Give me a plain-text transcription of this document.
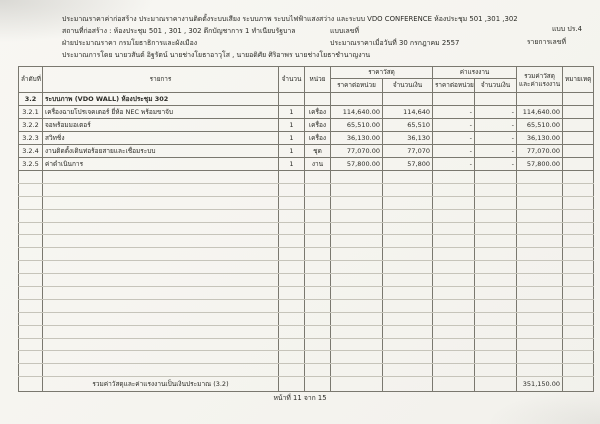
ประมาณราคาค่าก่อสร้าง ประมาณราคางานติดตั้งระบบเสียง ระบบภาพ ระบบไฟฟ้าแสงสว่าง และระบบ VDO CONFERENCE ห้องประชุม 501 ,301 ,302
แบบ ปร.4
สถานที่ก่อสร้าง : ห้องประชุม 501 , 301 , 302 ตึกบัญชาการ 1 ทำเนียบรัฐบาล	แบบเลขที่
รายการเลขที่
ฝ่ายประมาณราคา กรมโยธาธิการและผังเมือง	ประมาณราคาเมื่อวันที่ 30 กรกฎาคม 2557
ประมาณการโดย นายวสันต์ อิฐรัตน์ นายช่างโยธาอาวุโส , นายอดิศัย ศิริอาพร นายช่างโยธาชำนาญงาน
ลำดับที่	รายการ	จำนวน	หน่วย	ราคาวัสดุ		ค่าแรงงาน		รวมค่าวัสดุ
และค่าแรงงาน	หมายเหตุ
				ราคาต่อหน่วย	จำนวนเงิน	ราคาต่อหน่วย	จำนวนเงิน		
3.2	ระบบภาพ (VDO WALL) ห้องประชุม 302								
3.2.1	เครื่องฉายโปรเจคเตอร์ ยี่ห้อ NEC พร้อมขาจับ	1	เครื่อง	114,640.00	114,640	-	-	114,640.00	
3.2.2	จอพร้อมมอเตอร์	1	เครื่อง	65,510.00	65,510	-	-	65,510.00	
3.2.3	สวิทชิ่ง	1	เครื่อง	36,130.00	36,130	-	-	36,130.00	
3.2.4	งานติดตั้งเดินท่อร้อยสายและเชื่อมระบบ	1	ชุด	77,070.00	77,070	-	-	77,070.00	
3.2.5	ค่าดำเนินการ	1	งาน	57,800.00	57,800	-	-	57,800.00	

	รวมค่าวัสดุและค่าแรงงานเป็นเงินประมาณ (3.2)							351,150.00	
หน้าที่ 11 จาก 15
